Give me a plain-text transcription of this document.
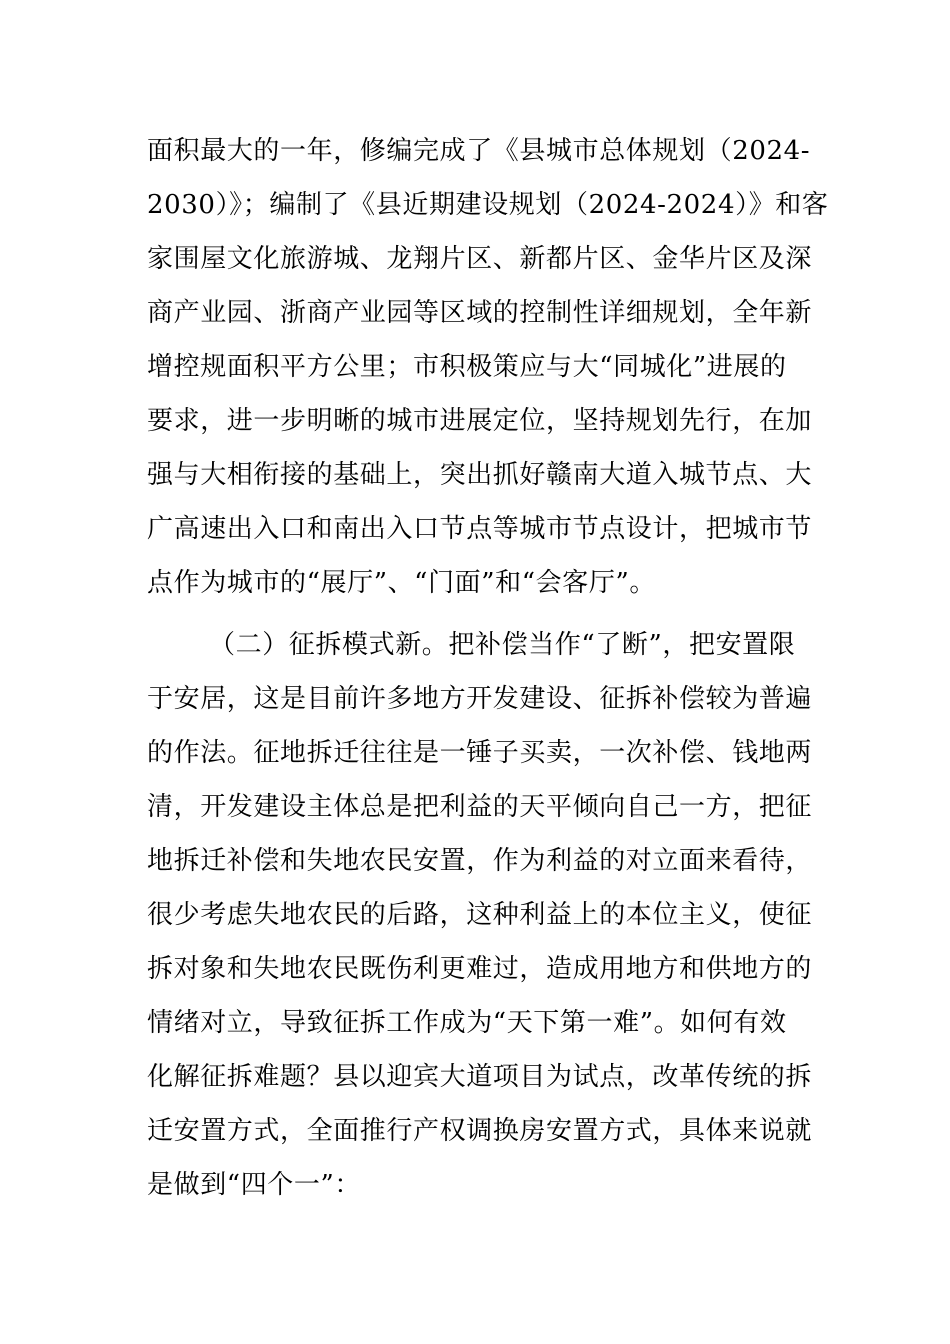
面积最大的一年，修编完成了《县城市总体规划（2024-
2030）》；编制了《县近期建设规划（2024-2024）》和客
家围屋文化旅游城、龙翔片区、新都片区、金华片区及深
商产业园、浙商产业园等区域的控制性详细规划，全年新
增控规面积平方公里；市积极策应与大“同城化”进展的
要求，进一步明晰的城市进展定位，坚持规划先行，在加
强与大相衔接的基础上，突出抓好赣南大道入城节点、大
广高速出入口和南出入口节点等城市节点设计，把城市节
点作为城市的“展厅”、“门面”和“会客厅”。
（二）征拆模式新。把补偿当作“了断”，把安置限
于安居，这是目前许多地方开发建设、征拆补偿较为普遍
的作法。征地拆迁往往是一锤子买卖，一次补偿、钱地两
清，开发建设主体总是把利益的天平倾向自己一方，把征
地拆迁补偿和失地农民安置，作为利益的对立面来看待，
很少考虑失地农民的后路，这种利益上的本位主义，使征
拆对象和失地农民既伤利更难过，造成用地方和供地方的
情绪对立，导致征拆工作成为“天下第一难”。如何有效
化解征拆难题？县以迎宾大道项目为试点，改革传统的拆
迁安置方式，全面推行产权调换房安置方式，具体来说就
是做到“四个一”：
